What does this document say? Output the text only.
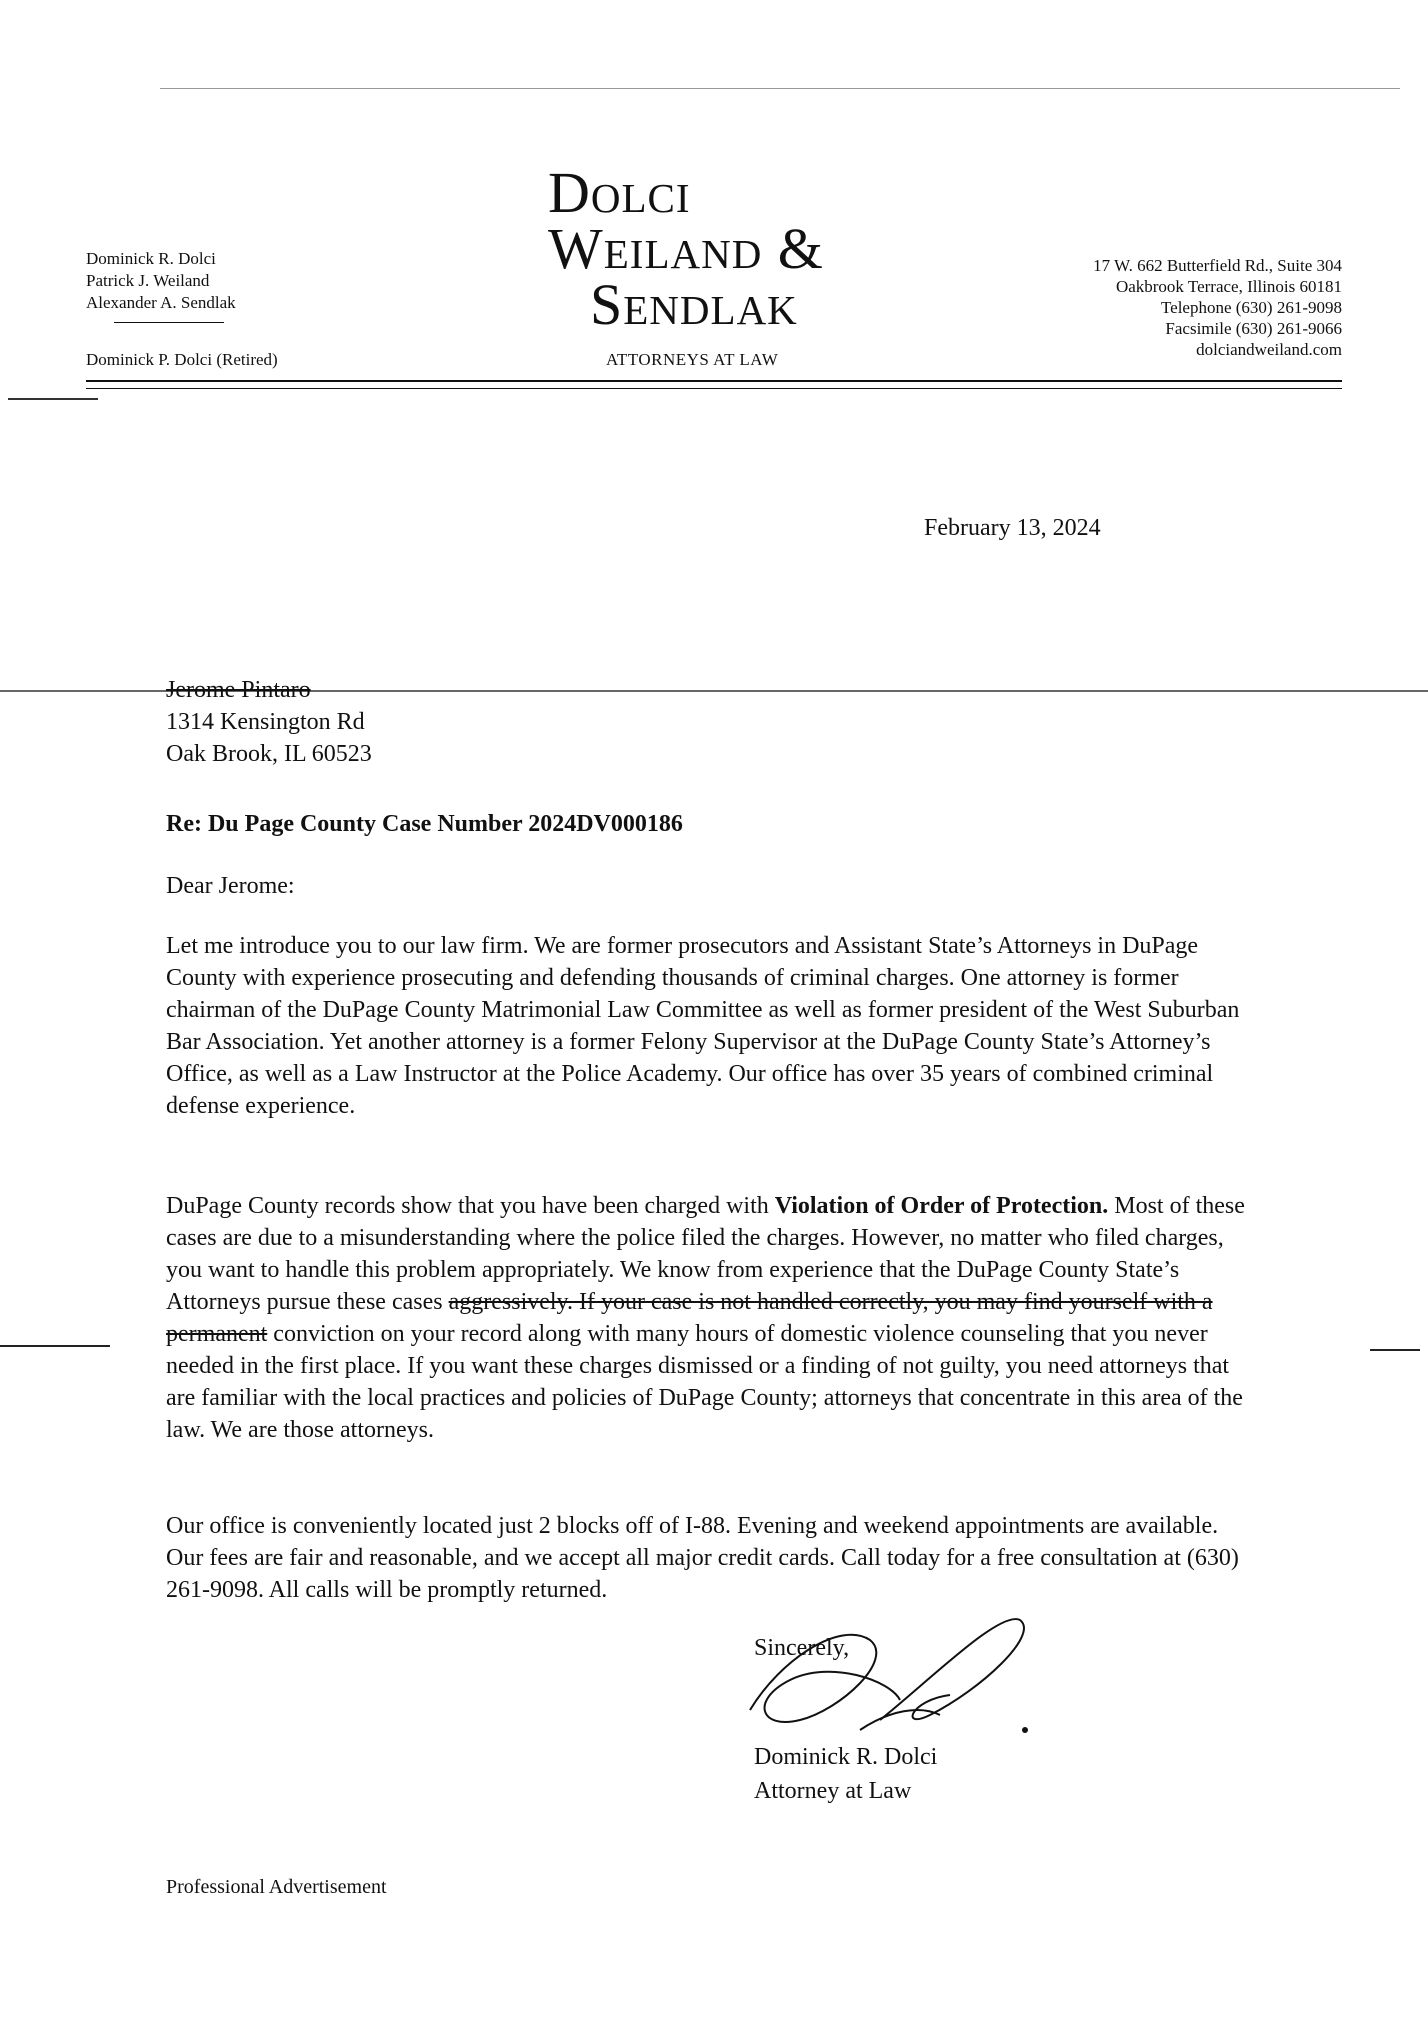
Dominick R. Dolci
Patrick J. Weiland
Alexander A. Sendlak
Dominick P. Dolci (Retired)
Dolci
Weiland &
Sendlak
ATTORNEYS AT LAW
17 W. 662 Butterfield Rd., Suite 304
Oakbrook Terrace, Illinois 60181
Telephone (630) 261-9098
Facsimile (630) 261-9066
dolciandweiland.com
February 13, 2024
Jerome Pintaro
1314 Kensington Rd
Oak Brook, IL 60523
Re: Du Page County Case Number 2024DV000186
Dear Jerome:
Let me introduce you to our law firm. We are former prosecutors and Assistant State’s Attorneys in DuPage County with experience prosecuting and defending thousands of criminal charges. One attorney is former chairman of the DuPage County Matrimonial Law Committee as well as former president of the West Suburban Bar Association. Yet another attorney is a former Felony Supervisor at the DuPage County State’s Attorney’s Office, as well as a Law Instructor at the Police Academy. Our office has over 35 years of combined criminal defense experience.
DuPage County records show that you have been charged with Violation of Order of Protection. Most of these cases are due to a misunderstanding where the police filed the charges. However, no matter who filed charges, you want to handle this problem appropriately. We know from experience that the DuPage County State’s Attorneys pursue these cases aggressively. If your case is not handled correctly, you may find yourself with a permanent conviction on your record along with many hours of domestic violence counseling that you never needed in the first place. If you want these charges dismissed or a finding of not guilty, you need attorneys that are familiar with the local practices and policies of DuPage County; attorneys that concentrate in this area of the law. We are those attorneys.
Our office is conveniently located just 2 blocks off of I-88. Evening and weekend appointments are available. Our fees are fair and reasonable, and we accept all major credit cards. Call today for a free consultation at (630) 261-9098. All calls will be promptly returned.
Sincerely,
Dominick R. Dolci
Attorney at Law
Professional Advertisement
